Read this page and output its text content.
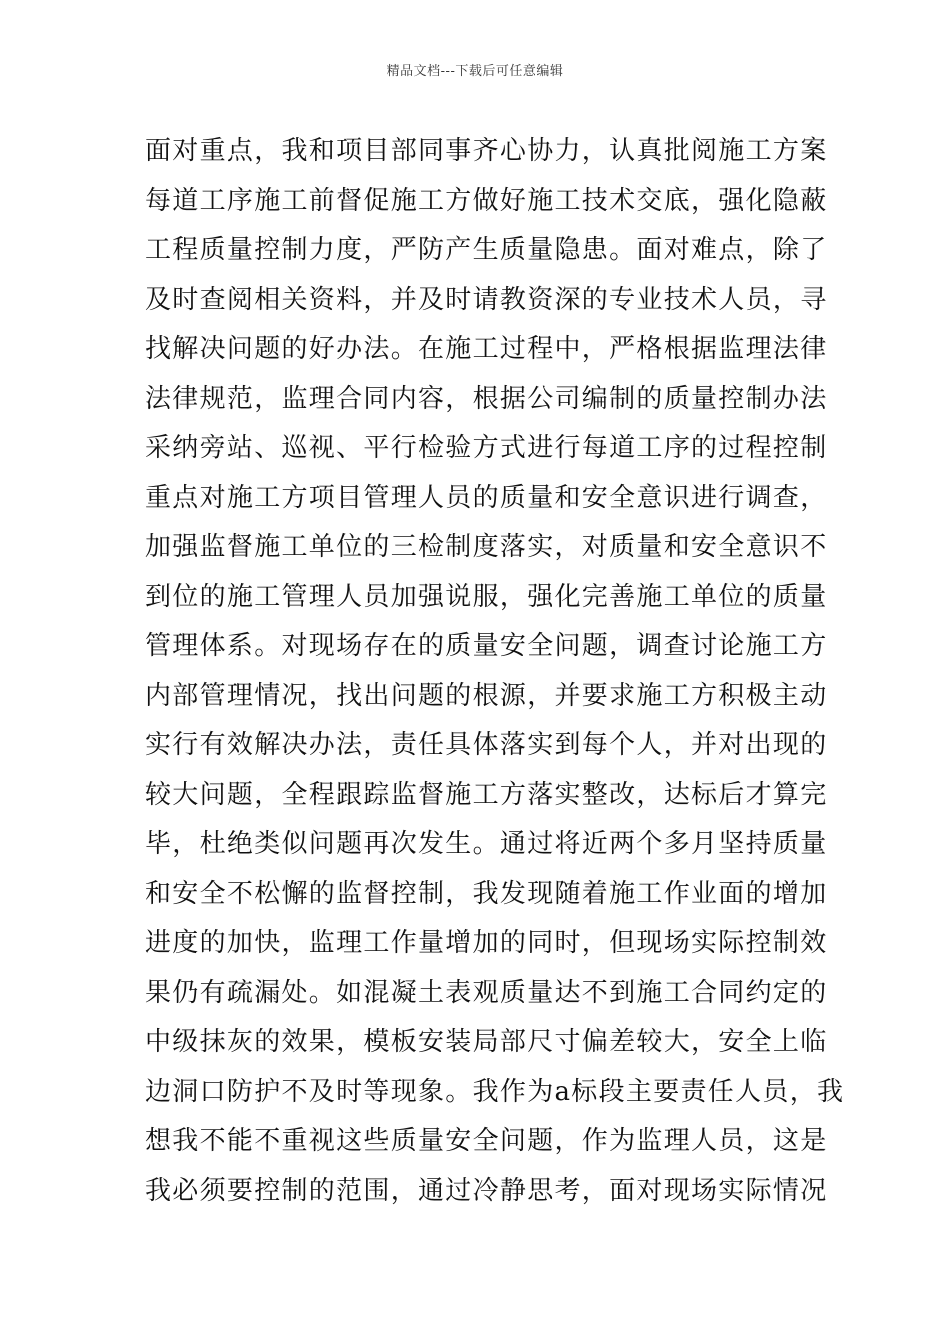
精品文档---下载后可任意编辑
面对重点，我和项目部同事齐心协力，认真批阅施工方案
每道工序施工前督促施工方做好施工技术交底，强化隐蔽
工程质量控制力度，严防产生质量隐患。面对难点，除了
及时查阅相关资料，并及时请教资深的专业技术人员，寻
找解决问题的好办法。在施工过程中，严格根据监理法律
法律规范，监理合同内容，根据公司编制的质量控制办法
采纳旁站、巡视、平行检验方式进行每道工序的过程控制
重点对施工方项目管理人员的质量和安全意识进行调查，
加强监督施工单位的三检制度落实，对质量和安全意识不
到位的施工管理人员加强说服，强化完善施工单位的质量
管理体系。对现场存在的质量安全问题，调查讨论施工方
内部管理情况，找出问题的根源，并要求施工方积极主动
实行有效解决办法，责任具体落实到每个人，并对出现的
较大问题，全程跟踪监督施工方落实整改，达标后才算完
毕，杜绝类似问题再次发生。通过将近两个多月坚持质量
和安全不松懈的监督控制，我发现随着施工作业面的增加
进度的加快，监理工作量增加的同时，但现场实际控制效
果仍有疏漏处。如混凝土表观质量达不到施工合同约定的
中级抹灰的效果，模板安装局部尺寸偏差较大，安全上临
边洞口防护不及时等现象。我作为a标段主要责任人员，我
想我不能不重视这些质量安全问题，作为监理人员，这是
我必须要控制的范围，通过冷静思考，面对现场实际情况
